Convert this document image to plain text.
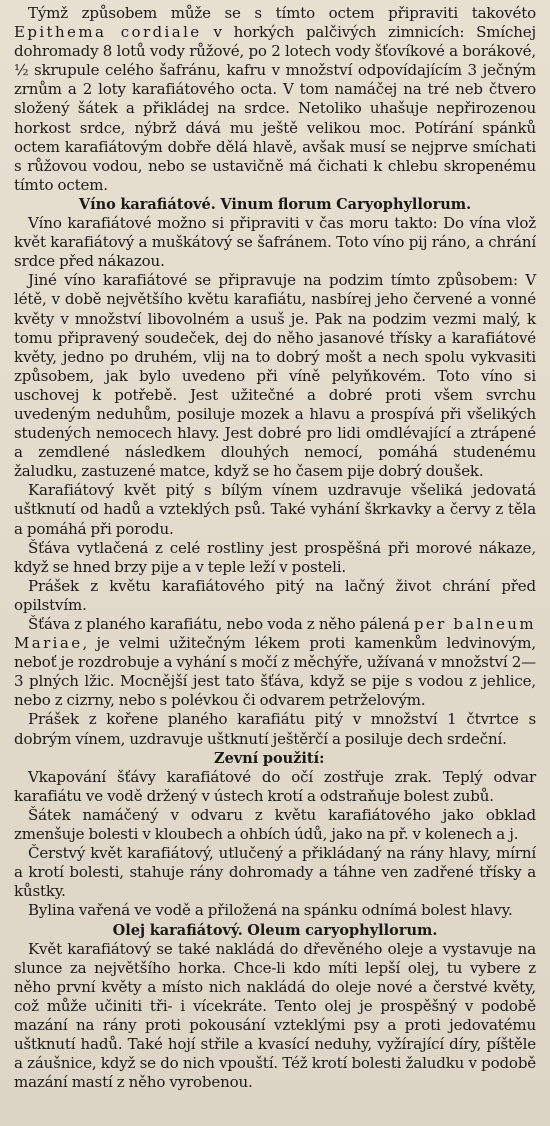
Týmž způsobem může se s tímto octem připraviti takovéto Epithema cordiale v horkých palčivých zimnicích: Smíchej dohromady 8 lotů vody růžové, po 2 lotech vody šťovíkové a borákové, ½ skrupule celého šafránu, kafru v množství odpovídajícím 3 ječným zrnům a 2 loty karafiátového octa. V tom namáčej na tré neb čtvero složený šátek a přikládej na srdce. Netoliko uhašuje nepřirozenou horkost srdce, nýbrž dává mu ještě velikou moc. Potírání spánků octem karafiátovým dobře dělá hlavě, avšak musí se nejprve smíchati s růžovou vodou, nebo se ustavičně má čichati k chlebu skropenému tímto octem.

Víno karafiátové. Vinum florum Caryophyllorum.

Víno karafiátové možno si připraviti v čas moru takto: Do vína vlož květ karafiátový a muškátový se šafránem. Toto víno pij ráno, a chrání srdce před nákazou.

Jiné víno karafiátové se připravuje na podzim tímto způsobem: V létě, v době největšího květu karafiátu, nasbírej jeho červené a vonné květy v množství libovolném a usuš je. Pak na podzim vezmi malý, k tomu připravený soudeček, dej do něho jasanové třísky a karafiátové květy, jedno po druhém, vlij na to dobrý mošt a nech spolu vykvasiti způsobem, jak bylo uvedeno při víně pelyňkovém. Toto víno si uschovej k potřebě. Jest užitečné a dobré proti všem svrchu uvedeným neduhům, posiluje mozek a hlavu a prospívá při všelikých studených nemocech hlavy. Jest dobré pro lidi omdlévající a ztrápené a zemdlené následkem dlouhých nemocí, pomáhá studenému žaludku, zastuzené matce, když se ho časem pije dobrý doušek.

Karafiátový květ pitý s bílým vínem uzdravuje všeliká jedovatá uštknutí od hadů a vzteklých psů. Také vyhání škrkavky a červy z těla a pomáhá při porodu.

Šťáva vytlačená z celé rostliny jest prospěšná při morové nákaze, když se hned brzy pije a v teple leží v posteli.

Prášek z květu karafiátového pitý na lačný život chrání před opilstvím.

Šťáva z planého karafiátu, nebo voda z něho pálená per balneum Mariae, je velmi užitečným lékem proti kamenkům ledvinovým, neboť je rozdrobuje a vyhání s močí z měchýře, užívaná v množství 2—3 plných lžic. Mocnější jest tato šťáva, když se pije s vodou z jehlice, nebo z cizrny, nebo s polévkou či odvarem petrželovým.

Prášek z kořene planého karafiátu pitý v množství 1 čtvrtce s dobrým vínem, uzdravuje uštknutí ještěrčí a posiluje dech srdeční.

Zevní použití:

Vkapování šťávy karafiátové do očí zostřuje zrak. Teplý odvar karafiátu ve vodě držený v ústech krotí a odstraňuje bolest zubů.

Šátek namáčený v odvaru z květu karafiátového jako obklad zmenšuje bolesti v kloubech a ohbích údů, jako na př. v kolenech a j.

Čerstvý květ karafiátový, utlučený a přikládaný na rány hlavy, mírní a krotí bolesti, stahuje rány dohromady a táhne ven zadřené třísky a kůstky.

Bylina vařená ve vodě a přiložená na spánku odnímá bolest hlavy.

Olej karafiátový. Oleum caryophyllorum.

Květ karafiátový se také nakládá do dřevěného oleje a vystavuje na slunce za největšího horka. Chce-li kdo míti lepší olej, tu vybere z něho první květy a místo nich nakládá do oleje nové a čerstvé květy, což může učiniti tři- i vícekráte. Tento olej je prospěšný v podobě mazání na rány proti pokousání vzteklými psy a proti jedovatému uštknutí hadů. Také hojí střile a kvasící neduhy, vyžírající díry, píštěle a záušnice, když se do nich vpouští. Též krotí bolesti žaludku v podobě mazání mastí z něho vyrobenou.
